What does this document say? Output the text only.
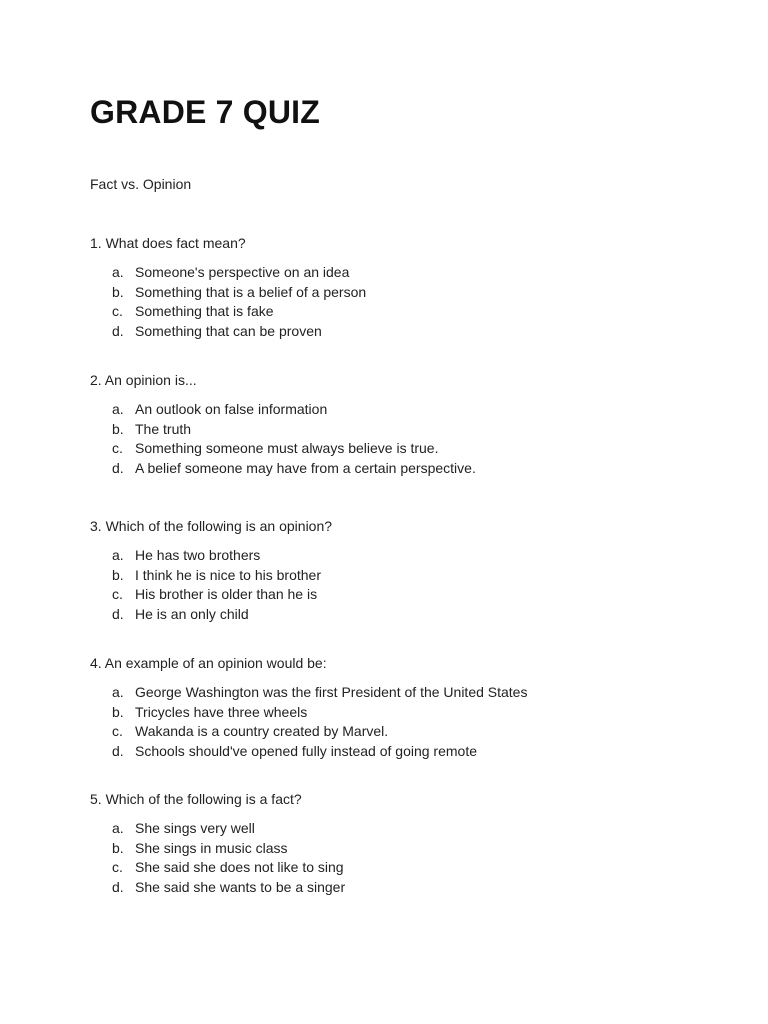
GRADE 7 QUIZ
Fact vs. Opinion

1. What does fact mean?

a. Someone's perspective on an idea
b. Something that is a belief of a person
c. Something that is fake
d. Something that can be proven

2. An opinion is...

a. An outlook on false information
b. The truth
c. Something someone must always believe is true.
d. A belief someone may have from a certain perspective.

3. Which of the following is an opinion?

a. He has two brothers
b. I think he is nice to his brother
c. His brother is older than he is
d. He is an only child

4. An example of an opinion would be:

a. George Washington was the first President of the United States
b. Tricycles have three wheels
c. Wakanda is a country created by Marvel.
d. Schools should've opened fully instead of going remote

5. Which of the following is a fact?

a. She sings very well
b. She sings in music class
c. She said she does not like to sing
d. She said she wants to be a singer
